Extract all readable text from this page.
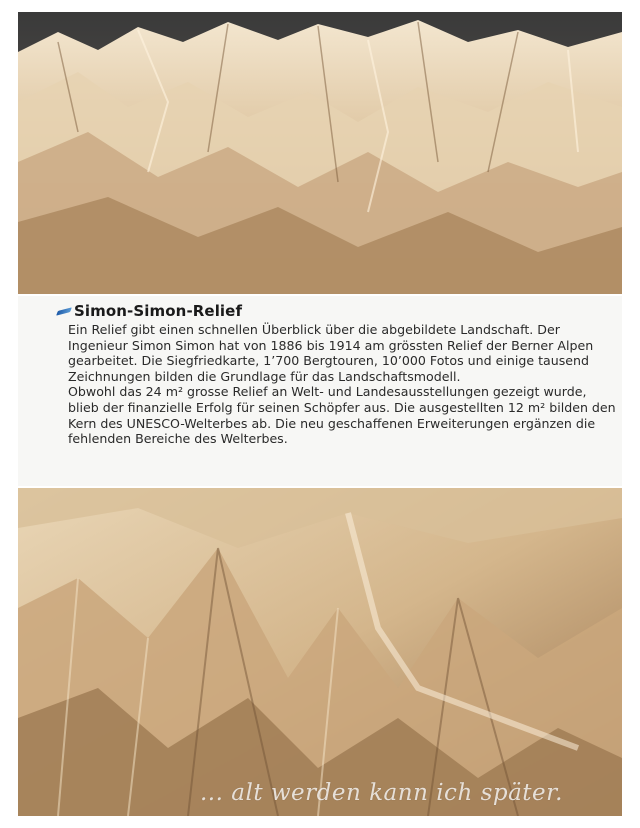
Simon-Simon-Relief

Ein Relief gibt einen schnellen Überblick über die abgebildete Landschaft. Der Ingenieur Simon Simon hat von 1886 bis 1914 am grössten Relief der Berner Alpen gearbeitet. Die Siegfriedkarte, 1’700 Bergtouren, 10’000 Fotos und einige tausend Zeichnungen bilden die Grundlage für das Landschaftsmodell.

Obwohl das 24 m² grosse Relief an Welt- und Landesausstellungen gezeigt wurde, blieb der finanzielle Erfolg für seinen Schöpfer aus. Die ausgestellten 12 m² bilden den Kern des UNESCO-Welterbes ab. Die neu geschaffenen Erweiterungen ergänzen die fehlenden Bereiche des Welterbes.

... alt werden kann ich später.
